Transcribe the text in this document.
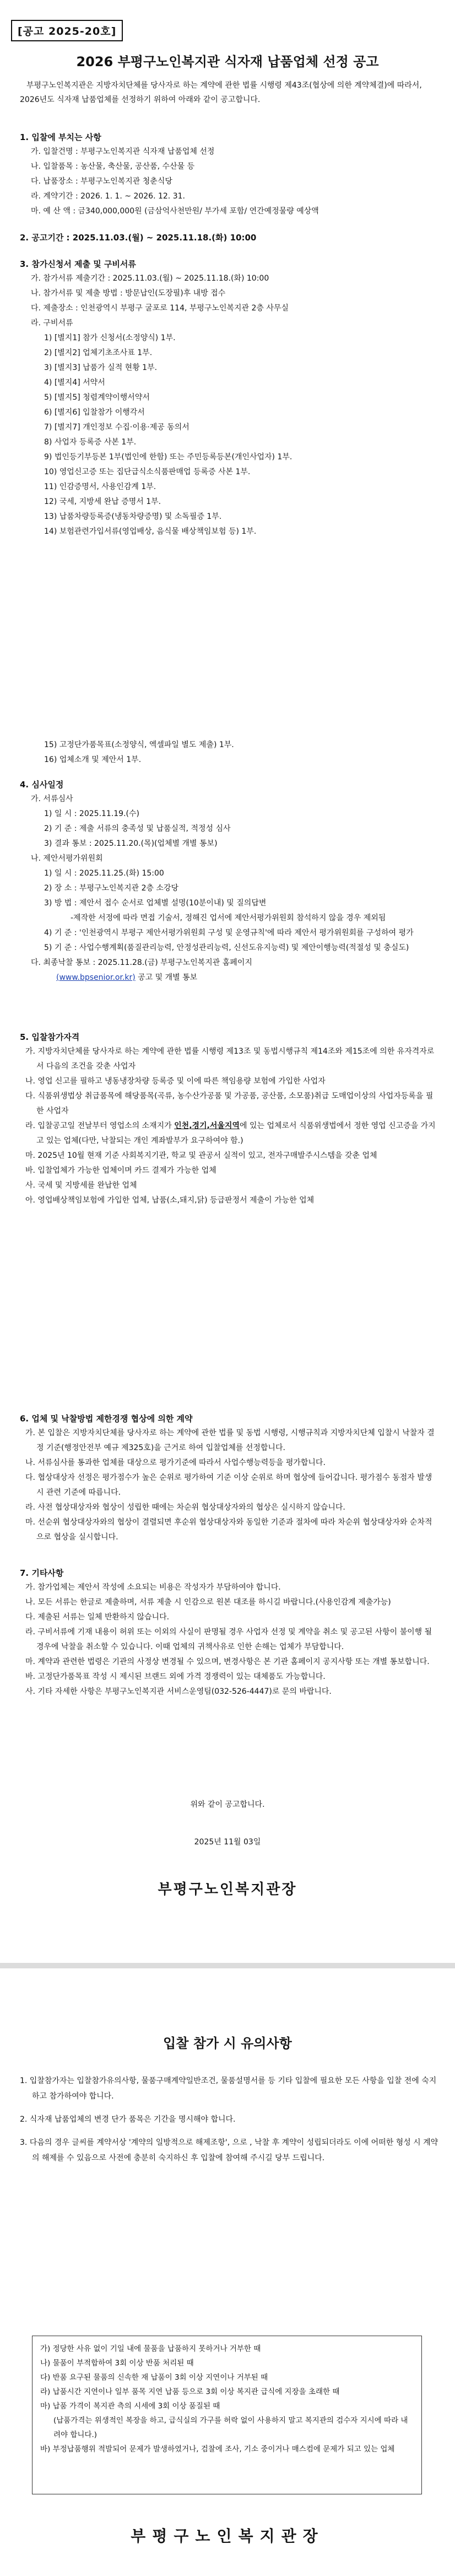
[공고 2025-20호]
2026 부평구노인복지관 식자재 납품업체 선정 공고
부평구노인복지관은 지방자치단체를 당사자로 하는 계약에 관한 법률 시행령 제43조(협상에 의한 계약체결)에 따라서, 2026년도 식자재 납품업체를 선정하기 위하여 아래와 같이 공고합니다.
1. 입찰에 부치는 사항
가. 입찰건명 : 부평구노인복지관 식자재 납품업체 선정
나. 입찰품목 : 농산물, 축산물, 공산품, 수산물 등
다. 납품장소 : 부평구노인복지관 청춘식당
라. 계약기간 : 2026. 1. 1. ~ 2026. 12. 31.
마. 예 산 액 : 금340,000,000원 (금삼억사천만원/ 부가세 포함/ 연간예정물량 예상액
2. 공고기간 : 2025.11.03.(월) ~ 2025.11.18.(화) 10:00
3. 참가신청서 제출 및 구비서류
가. 참가서류 제출기간 : 2025.11.03.(월) ~ 2025.11.18.(화) 10:00
나. 참가서류 및 제출 방법 : 방문납인(도장필)후 내방 접수
다. 제출장소 : 인천광역시 부평구 굴포로 114, 부평구노인복지관 2층 사무실
라. 구비서류
1) [별지1] 참가 신청서(소정양식) 1부.
2) [별지2] 업체기초조사표 1부.
3) [별지3] 납품가 실적 현황 1부.
4) [별지4] 서약서
5) [별지5] 청렴계약이행서약서
6) [별지6] 입찰참가 이행각서
7) [별지7] 개인정보 수집·이용·제공 동의서
8) 사업자 등록증 사본 1부.
9) 법인등기부등본 1부(법인에 한함) 또는 주민등록등본(개인사업자) 1부.
10) 영업신고증 또는 집단급식소식품판매업 등록증 사본 1부.
11) 인감증명서, 사용인감계 1부.
12) 국세, 지방세 완납 증명서 1부.
13) 납품차량등록증(냉동차량증명) 및 소독필증 1부.
14) 보험관련가입서류(영업배상, 음식물 배상책임보험 등) 1부.
15) 고정단가품목표(소정양식, 엑셀파일 별도 제출) 1부.
16) 업체소개 및 제안서 1부.
4. 심사일정
가. 서류심사
1) 일 시 : 2025.11.19.(수)
2) 기 준 : 제출 서류의 충족성 및 납품실적, 적정성 심사
3) 결과 통보 : 2025.11.20.(목)(업체별 개별 통보)
나. 제안서평가위원회
1) 일 시 : 2025.11.25.(화) 15:00
2) 장 소 : 부평구노인복지관 2층 소강당
3) 방 법 : 제안서 접수 순서로 업체별 설명(10분이내) 및 질의답변
-제작한 서정에 따라 면접 기술서, 정해진 업서에 제안서평가위원회 참석하지 않을 경우 제외됨
4) 기 준 : '인천광역시 부평구 제안서평가위원회 구성 및 운영규칙'에 따라 제안서 평가위원회를 구성하여 평가
5) 기 준 : 사업수행계획(품질관리능력, 안정성관리능력, 신선도유지능력) 및 제안이행능력(적절성 및 충실도)
다. 최종낙찰 통보 : 2025.11.28.(금) 부평구노인복지관 홈페이지
(www.bpsenior.or.kr) 공고 및 개별 통보
5. 입찰참가자격
가. 지방자치단체를 당사자로 하는 계약에 관한 법률 시행령 제13조 및 동법시행규칙 제14조와 제15조에 의한 유자격자로서 다음의 조건을 갖춘 사업자
나. 영업 신고를 필하고 냉동냉장차량 등록증 및 이에 따른 책임용량 보험에 가입한 사업자
다. 식품위생법상 취급품목에 해당품목(곡류, 농수산가공품 및 가공품, 공산품, 소모품)취급 도매업이상의 사업자등록을 필한 사업자
라. 입찰공고일 전날부터 영업소의 소재지가 인천,경기,서울지역에 있는 업체로서 식품위생법에서 정한 영업 신고증을 가지고 있는 업체(다만, 낙찰되는 개인 계좌발부가 요구하여야 함.)
마. 2025년 10월 현재 기준 사회복지기관, 학교 및 관공서 실적이 있고, 전자구매발주시스템을 갖춘 업체
바. 입찰업체가 가능한 업체이며 카드 결제가 가능한 업체
사. 국세 및 지방세를 완납한 업체
아. 영업배상책임보험에 가입한 업체, 납품(소,돼지,닭) 등급판정서 제출이 가능한 업체
6. 업체 및 낙찰방법 제한경쟁 협상에 의한 계약
가. 본 입찰은 지방자치단체를 당사자로 하는 계약에 관한 법률 및 동법 시행령, 시행규칙과 지방자치단체 입찰시 낙찰자 결정 기준(행정안전부 예규 제325호)을 근거로 하여 입찰업체를 선정합니다.
나. 서류심사를 통과한 업체를 대상으로 평가기준에 따라서 사업수행능력등을 평가합니다.
다. 협상대상자 선정은 평가점수가 높은 순위로 평가하여 기준 이상 순위로 하며 협상에 들어갑니다. 평가점수 동점자 발생 시 관련 기준에 따릅니다.
라. 사전 협상대상자와 협상이 성립한 때에는 차순위 협상대상자와의 협상은 실시하지 않습니다.
마. 선순위 협상대상자와의 협상이 결렬되면 후순위 협상대상자와 동일한 기준과 절차에 따라 차순위 협상대상자와 순차적으로 협상을 실시합니다.
7. 기타사항
가. 참가업체는 제안서 작성에 소요되는 비용은 작성자가 부담하여야 합니다.
나. 모든 서류는 한글로 제출하며, 서류 제출 시 인감으로 원본 대조를 하시길 바랍니다.(사용인감계 제출가능)
다. 제출된 서류는 일체 반환하지 않습니다.
라. 구비서류에 기재 내용이 허위 또는 이외의 사실이 판명될 경우 사업자 선정 및 계약을 취소 및 공고된 사항이 불이행 될 경우에 낙찰을 취소할 수 있습니다. 이때 업체의 귀책사유로 인한 손해는 업체가 부담합니다.
마. 계약과 관련한 법령은 기관의 사정상 변경될 수 있으며, 변경사항은 본 기관 홈페이지 공지사항 또는 개별 통보합니다.
바. 고정단가품목표 작성 시 제시된 브랜드 외에 가격 경쟁력이 있는 대체품도 가능합니다.
사. 기타 자세한 사항은 부평구노인복지관 서비스운영팀(032-526-4447)로 문의 바랍니다.
위와 같이 공고합니다.
2025년 11월 03일
부평구노인복지관장
입찰 참가 시 유의사항
1. 입찰참가자는 입찰참가유의사항, 물품구매계약일반조건, 물품설명서를 등 기타 입찰에 필요한 모든 사항을 입찰 전에 숙지하고 참가하여야 합니다.
2. 식자재 납품업체의 변경 단가 품목은 기간을 명시해야 합니다.
3. 다음의 경우 글씨를 계약서상 '계약의 일방적으로 해제조항', 으로 , 낙찰 후 계약이 성립되더라도 이에 어떠한 형성 시 계약의 해제를 수 있음으로 사전에 충분히 숙지하신 후 입찰에 참여해 주시길 당부 드립니다.
가) 정당한 사유 없이 기일 내에 물품을 납품하지 못하거나 거부한 때
나) 물품이 부적합하여 3회 이상 반품 처리된 때
다) 반품 요구된 물품의 신속한 재 납품이 3회 이상 지연이나 거부된 때
라) 납품시간 지연이나 일부 품목 지연 납품 등으로 3회 이상 복지관 급식에 지장을 초래한 때
마) 납품 가격이 복지관 측의 시세에 3회 이상 품질된 때
(납품가격는 위생적인 복장을 하고, 급식실의 가구를 허락 없이 사용하지 말고 복지관의 검수자 지시에 따라 내려야 합니다.)
바) 부정납품행위 적발되어 문제가 발생하였거나, 검찰에 조사, 기소 중이거나 매스컴에 문제가 되고 있는 업체
부평구노인복지관장
